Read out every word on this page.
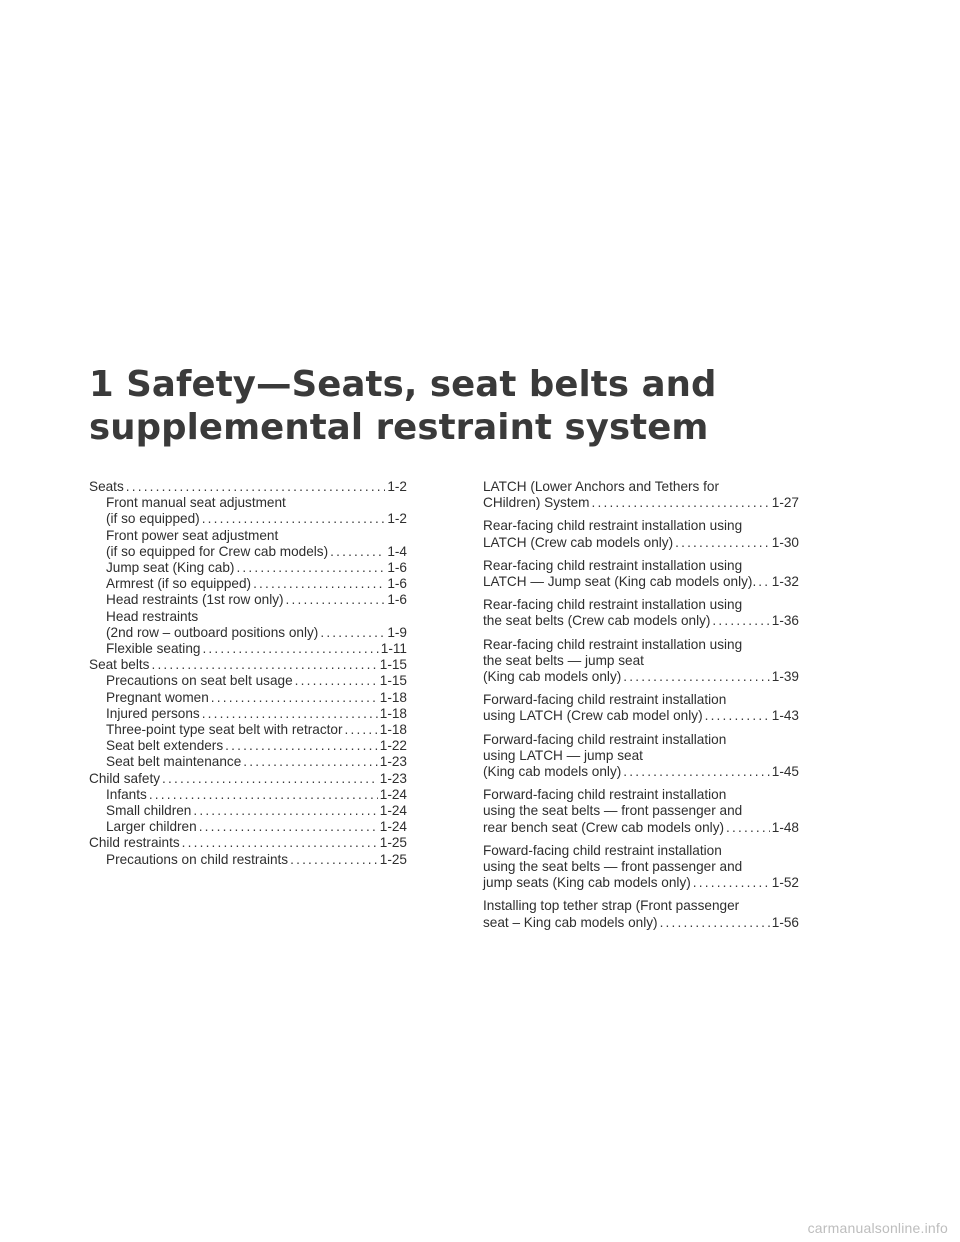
1 Safety—Seats, seat belts and
supplemental restraint system
Seats .....	1-2
Front manual seat adjustment
(if so equipped) .....	1-2
Front power seat adjustment
(if so equipped for Crew cab models) .....	1-4
Jump seat (King cab) .....	1-6
Armrest (if so equipped) .....	1-6
Head restraints (1st row only) .....	1-6
Head restraints
(2nd row – outboard positions only) .....	1-9
Flexible seating .....	1-11
Seat belts .....	1-15
Precautions on seat belt usage .....	1-15
Pregnant women .....	1-18
Injured persons .....	1-18
Three-point type seat belt with retractor .....	1-18
Seat belt extenders .....	1-22
Seat belt maintenance .....	1-23
Child safety .....	1-23
Infants .....	1-24
Small children .....	1-24
Larger children .....	1-24
Child restraints .....	1-25
Precautions on child restraints .....	1-25
LATCH (Lower Anchors and Tethers for
CHildren) System .....	1-27
Rear-facing child restraint installation using
LATCH (Crew cab models only) .....	1-30
Rear-facing child restraint installation using
LATCH — Jump seat (King cab models only). ..... 1-32
Rear-facing child restraint installation using
the seat belts (Crew cab models only) .....	1-36
Rear-facing child restraint installation using
the seat belts — jump seat
(King cab models only) .....	1-39
Forward-facing child restraint installation
using LATCH (Crew cab model only) .....	1-43
Forward-facing child restraint installation
using LATCH — jump seat
(King cab models only) .....	1-45
Forward-facing child restraint installation
using the seat belts — front passenger and
rear bench seat (Crew cab models only) .....	1-48
Foward-facing child restraint installation
using the seat belts — front passenger and
jump seats (King cab models only) .....	1-52
Installing top tether strap (Front passenger
seat – King cab models only) .....	1-56
carmanualsonline.info
